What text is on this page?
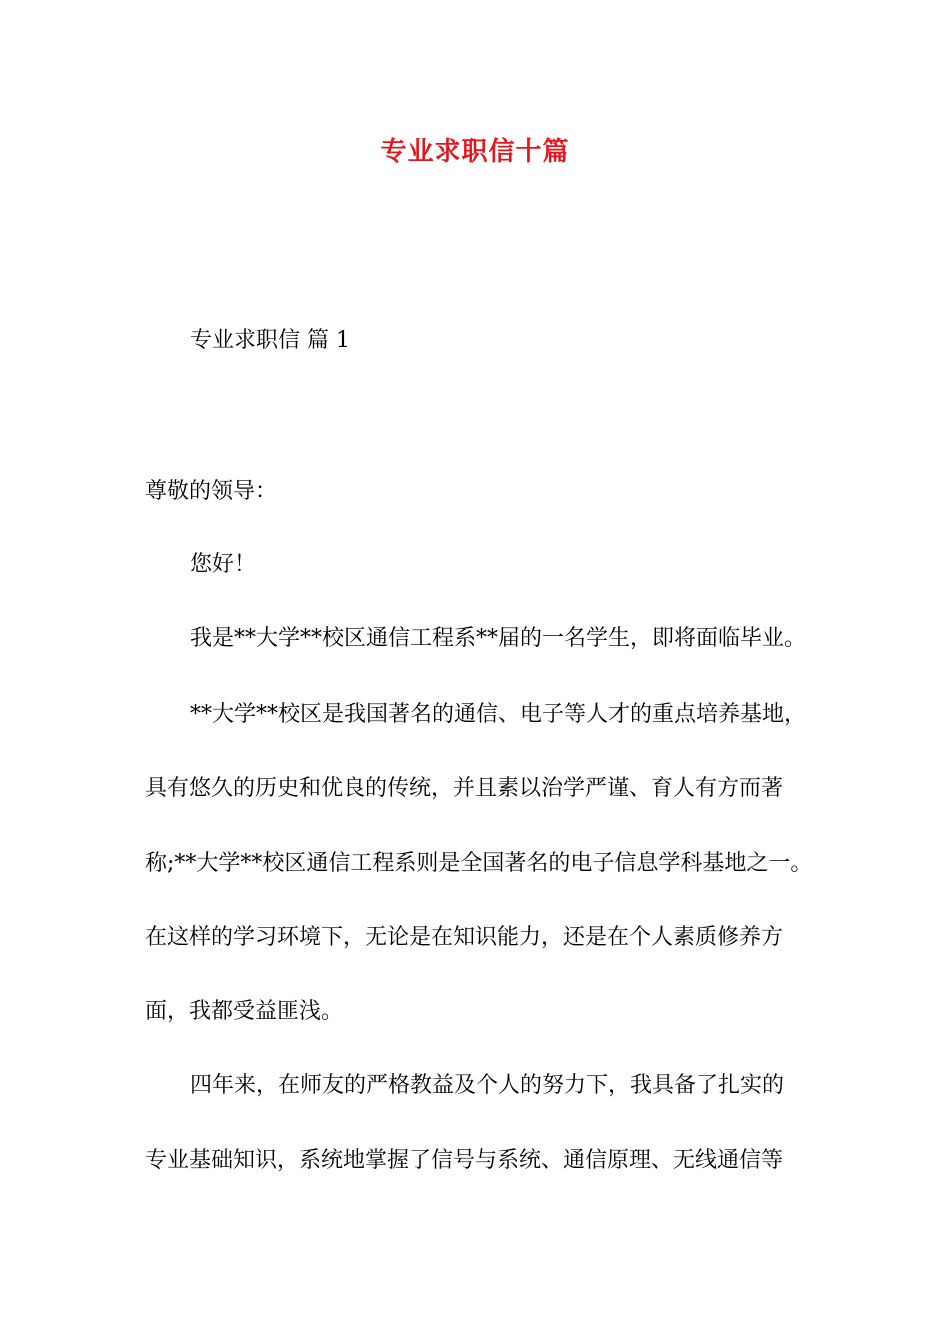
专业求职信十篇
专业求职信 篇 1
尊敬的领导：
您好！
我是**大学**校区通信工程系**届的一名学生，即将面临毕业。
**大学**校区是我国著名的通信、电子等人才的重点培养基地，
具有悠久的历史和优良的传统，并且素以治学严谨、育人有方而著
称;**大学**校区通信工程系则是全国著名的电子信息学科基地之一。
在这样的学习环境下，无论是在知识能力，还是在个人素质修养方
面，我都受益匪浅。
四年来，在师友的严格教益及个人的努力下，我具备了扎实的
专业基础知识，系统地掌握了信号与系统、通信原理、无线通信等
